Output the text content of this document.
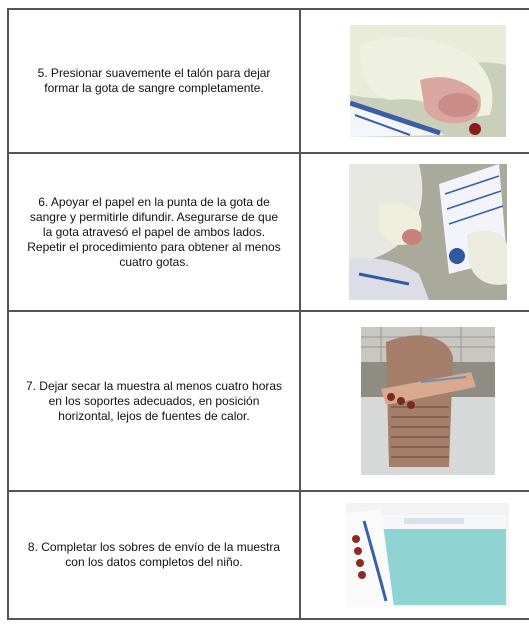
5. Presionar suavemente el talón para dejar formar la gota de sangre completamente.	

6. Apoyar el papel en la punta de la gota de sangre y permitirle difundir. Asegurarse de que la gota atravesó el papel de ambos lados. Repetir el procedimiento para obtener al menos cuatro gotas.	

7. Dejar secar la muestra al menos cuatro horas en los soportes adecuados, en posición horizontal, lejos de fuentes de calor.	

8. Completar los sobres de envío de la muestra con los datos completos del niño.	
